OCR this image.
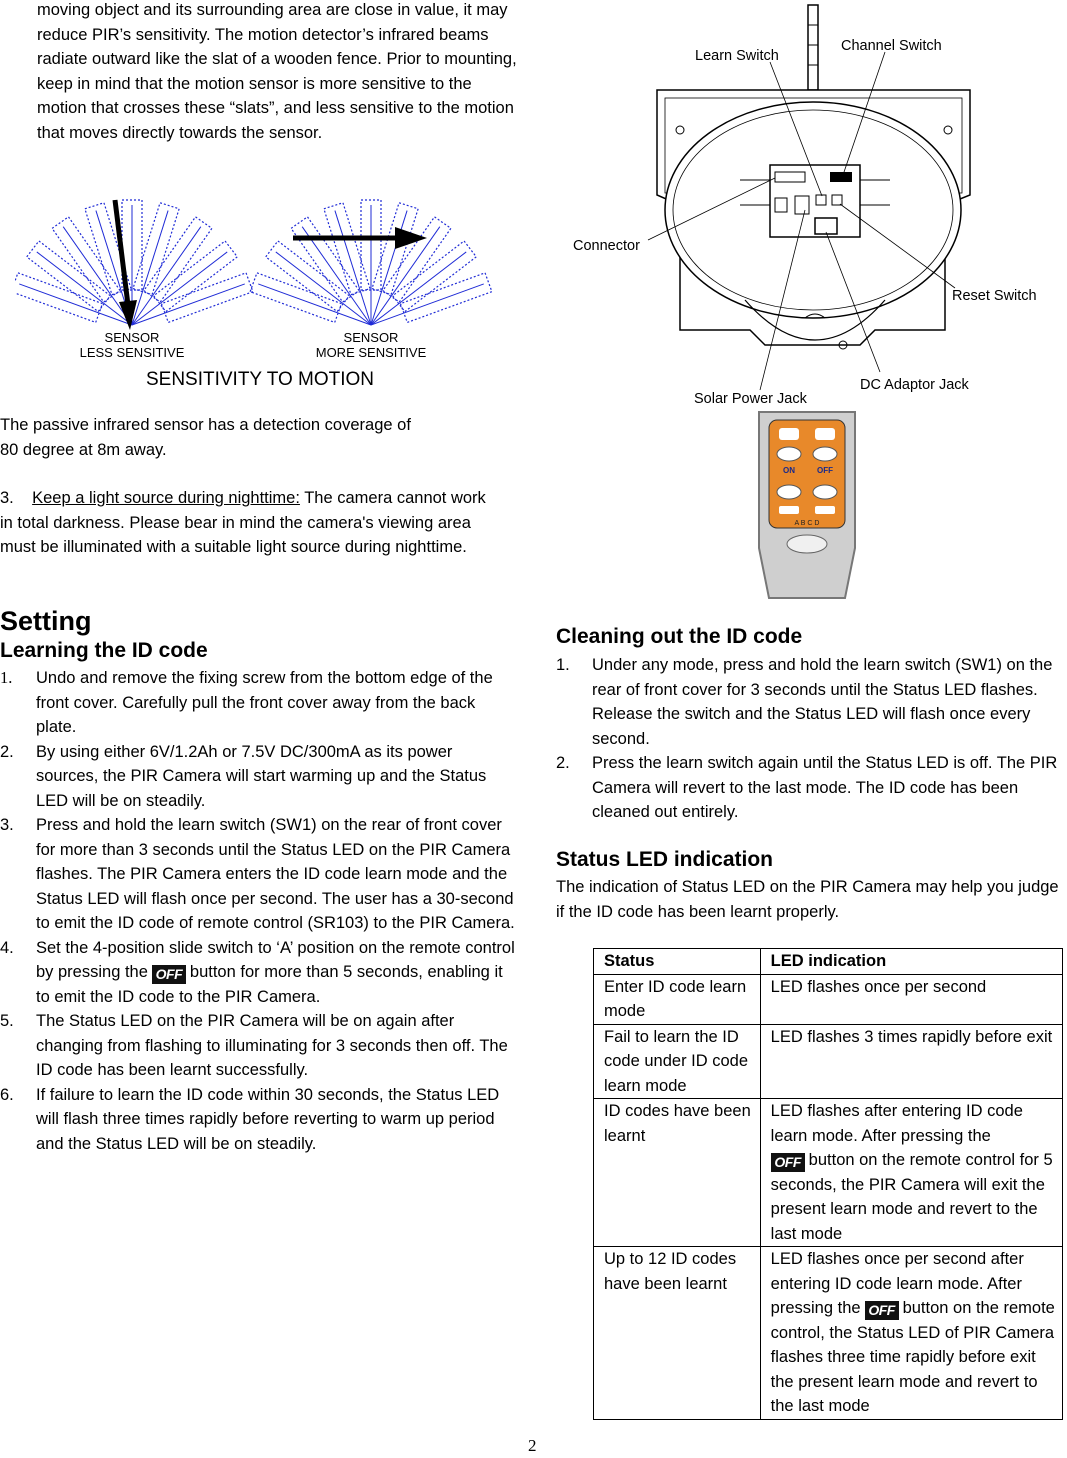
moving object and its surrounding area are close in value, it may reduce PIR’s sensitivity. The motion detector’s infrared beams radiate outward like the slat of a wooden fence. Prior to mounting, keep in mind that the motion sensor is more sensitive to the motion that crosses these “slats”, and less sensitive to the motion that moves directly towards the sensor.
SENSOR
LESS SENSITIVE
SENSOR
MORE SENSITIVE
SENSITIVITY TO MOTION
The passive infrared sensor has a detection coverage of
80 degree at 8m away.
3. Keep a light source during nighttime: The camera cannot work in total darkness. Please bear in mind the camera's viewing area must be illuminated with a suitable light source during nighttime.
Setting
Learning the ID code
1. Undo and remove the fixing screw from the bottom edge of the front cover. Carefully pull the front cover away from the back plate.
2. By using either 6V/1.2Ah or 7.5V DC/300mA as its power sources, the PIR Camera will start warming up and the Status LED will be on steadily.
3. Press and hold the learn switch (SW1) on the rear of front cover for more than 3 seconds until the Status LED on the PIR Camera flashes. The PIR Camera enters the ID code learn mode and the Status LED will flash once per second. The user has a 30-second to emit the ID code of remote control (SR103) to the PIR Camera.
4. Set the 4-position slide switch to ‘A’ position on the remote control by pressing the OFF button for more than 5 seconds, enabling it to emit the ID code to the PIR Camera.
5. The Status LED on the PIR Camera will be on again after changing from flashing to illuminating for 3 seconds then off. The ID code has been learnt successfully.
6. If failure to learn the ID code within 30 seconds, the Status LED will flash three times rapidly before reverting to warm up period and the Status LED will be on steadily.
Learn Switch
Channel Switch
Connector
Reset Switch
DC Adaptor Jack
Solar Power Jack
ON	OFF
A B C D
Cleaning out the ID code
1. Under any mode, press and hold the learn switch (SW1) on the rear of front cover for 3 seconds until the Status LED flashes. Release the switch and the Status LED will flash once every second.
2. Press the learn switch again until the Status LED is off. The PIR Camera will revert to the last mode. The ID code has been cleaned out entirely.
Status LED indication
The indication of Status LED on the PIR Camera may help you judge if the ID code has been learnt properly.
Status	LED indication
Enter ID code learn mode	LED flashes once per second
Fail to learn the ID code under ID code learn mode	LED flashes 3 times rapidly before exit
ID codes have been learnt	LED flashes after entering ID code learn mode. After pressing the
OFF button on the remote control for 5 seconds, the PIR Camera will exit the present learn mode and revert to the last mode
Up to 12 ID codes have been learnt	LED flashes once per second after entering ID code learn mode. After pressing the OFF button on the remote control, the Status LED of PIR Camera flashes three time rapidly before exit the present learn mode and revert to the last mode
2
